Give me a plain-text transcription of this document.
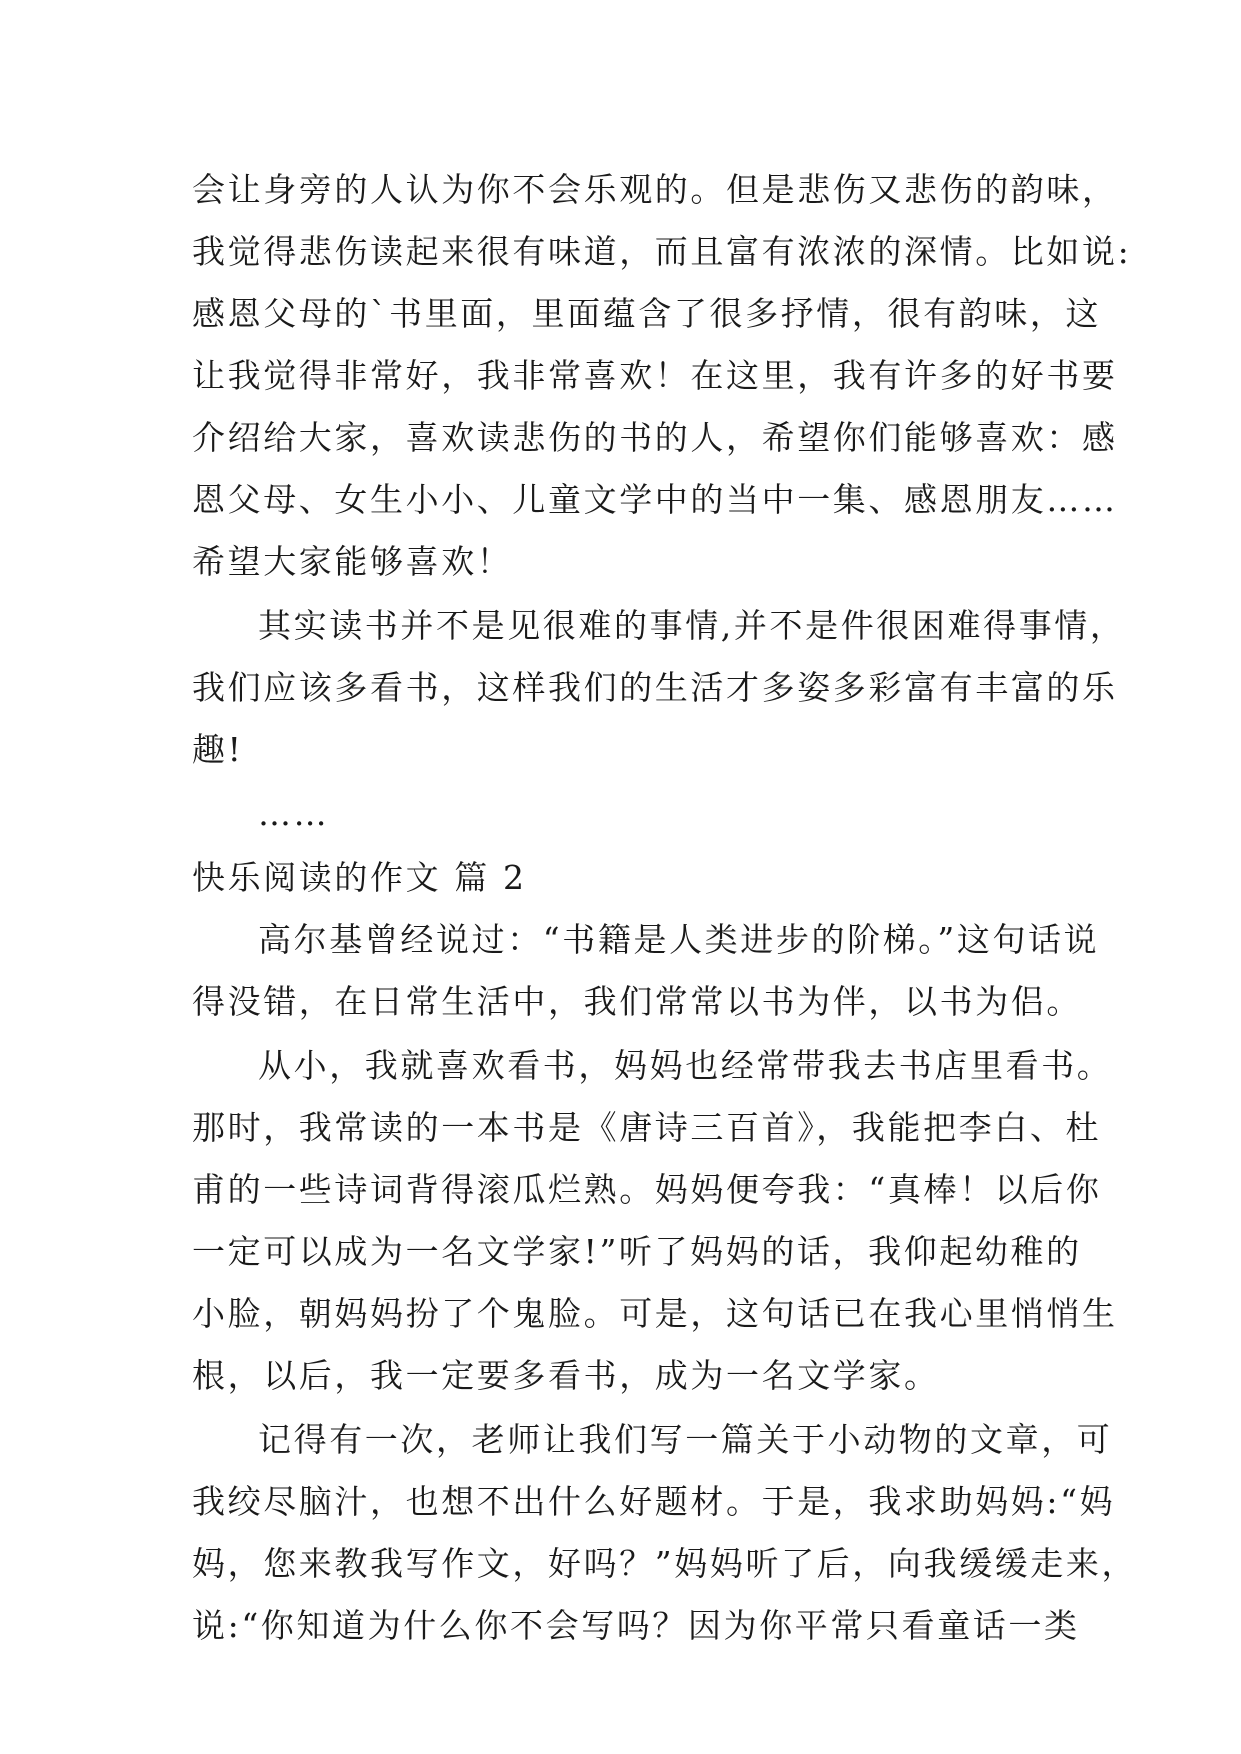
会让身旁的人认为你不会乐观的。但是悲伤又悲伤的韵味，
我觉得悲伤读起来很有味道，而且富有浓浓的深情。比如说:
感恩父母的`书里面，里面蕴含了很多抒情，很有韵味，这
让我觉得非常好，我非常喜欢！在这里，我有许多的好书要
介绍给大家，喜欢读悲伤的书的人，希望你们能够喜欢：感
恩父母、女生小小、儿童文学中的当中一集、感恩朋友……
希望大家能够喜欢！
其实读书并不是见很难的事情,并不是件很困难得事情，
我们应该多看书，这样我们的生活才多姿多彩富有丰富的乐
趣!
……
快乐阅读的作文 篇 2
高尔基曾经说过：“书籍是人类进步的阶梯。”这句话说
得没错，在日常生活中，我们常常以书为伴，以书为侣。
从小，我就喜欢看书，妈妈也经常带我去书店里看书。
那时，我常读的一本书是《唐诗三百首》，我能把李白、杜
甫的一些诗词背得滚瓜烂熟。妈妈便夸我：“真棒！以后你
一定可以成为一名文学家!”听了妈妈的话，我仰起幼稚的
小脸，朝妈妈扮了个鬼脸。可是，这句话已在我心里悄悄生
根，以后，我一定要多看书，成为一名文学家。
记得有一次，老师让我们写一篇关于小动物的文章，可
我绞尽脑汁，也想不出什么好题材。于是，我求助妈妈:“妈
妈，您来教我写作文，好吗？”妈妈听了后，向我缓缓走来，
说:“你知道为什么你不会写吗？因为你平常只看童话一类
